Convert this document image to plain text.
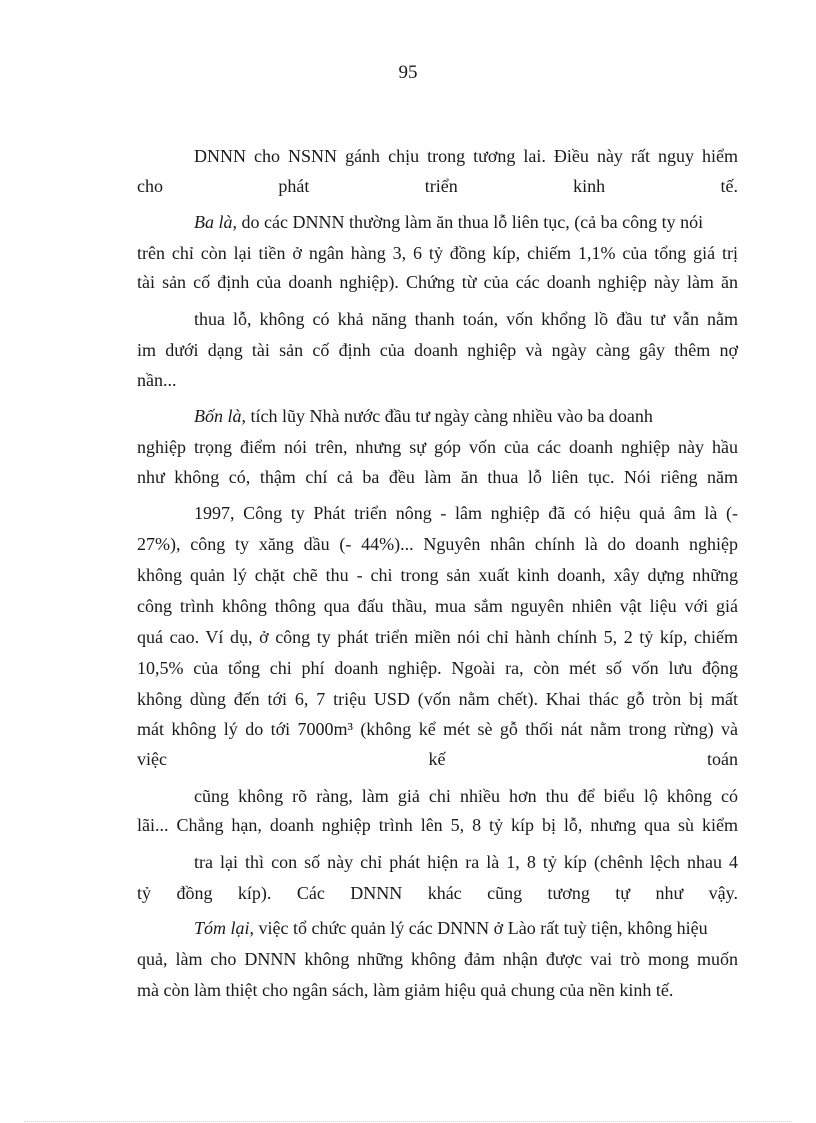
95
DNNN cho NSNN gánh chịu trong tương lai. Điều này rất nguy hiểm
cho	phát	triển	kinh	tế.
Ba là, do các DNNN thường làm ăn thua lỗ liên tục, (cả ba công ty nói
trên chỉ còn lại tiền ở ngân hàng 3, 6 tỷ đồng kíp, chiếm 1,1% của tổng giá trị
tài sản cố định của doanh nghiệp). Chứng từ của các doanh nghiệp này làm ăn
thua lỗ, không có khả năng thanh toán, vốn khổng lồ đầu tư vẫn nằm
im dưới dạng tài sản cố định của doanh nghiệp và ngày càng gây thêm nợ
nần...
Bốn là, tích lũy Nhà nước đầu tư ngày càng nhiều vào ba doanh
nghiệp trọng điểm nói trên, nhưng sự góp vốn của các doanh nghiệp này hầu
như không có, thậm chí cả ba đều làm ăn thua lỗ liên tục. Nói riêng năm
1997, Công ty Phát triển nông - lâm nghiệp đã có hiệu quả âm là (-
27%), công ty xăng dầu (- 44%)... Nguyên nhân chính là do doanh nghiệp
không quản lý chặt chẽ thu - chi trong sản xuất kinh doanh, xây dựng những
công trình không thông qua đấu thầu, mua sắm nguyên nhiên vật liệu với giá
quá cao. Ví dụ, ở công ty phát triển miền nói chỉ hành chính 5, 2 tỷ kíp, chiếm
10,5% của tổng chi phí doanh nghiệp. Ngoài ra, còn mét số vốn lưu động
không dùng đến tới 6, 7 triệu USD (vốn nằm chết). Khai thác gỗ tròn bị mất
mát không lý do tới 7000m³ (không kể mét sè gỗ thối nát nằm trong rừng) và
việc	kế	toán
cũng không rõ ràng, làm giả chi nhiều hơn thu để biểu lộ không có
lãi... Chẳng hạn, doanh nghiệp trình lên 5, 8 tỷ kíp bị lỗ, nhưng qua sù kiểm
tra lại thì con số này chỉ phát hiện ra là 1, 8 tỷ kíp (chênh lệch nhau 4
tỷ đồng kíp). Các DNNN khác cũng tương tự như vậy.
Tóm lại, việc tổ chức quản lý các DNNN ở Lào rất tuỳ tiện, không hiệu
quả, làm cho DNNN không những không đảm nhận được vai trò mong muốn
mà còn làm thiệt cho ngân sách, làm giảm hiệu quả chung của nền kinh tế.
